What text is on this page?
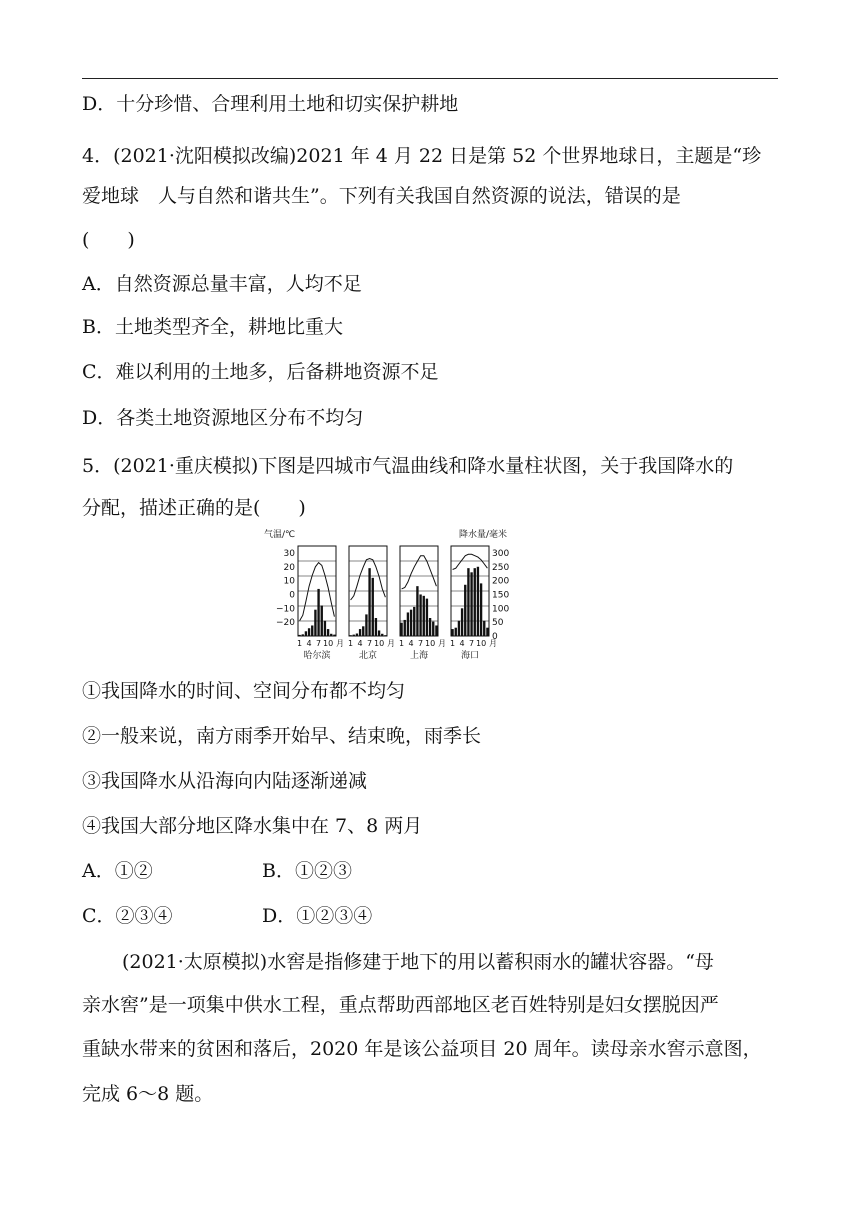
D．十分珍惜、合理利用土地和切实保护耕地
4．(2021·沈阳模拟改编)2021 年 4 月 22 日是第 52 个世界地球日，主题是“珍
爱地球　人与自然和谐共生”。下列有关我国自然资源的说法，错误的是
(　　)
A．自然资源总量丰富，人均不足
B．土地类型齐全，耕地比重大
C．难以利用的土地多，后备耕地资源不足
D．各类土地资源地区分布不均匀
5．(2021·重庆模拟)下图是四城市气温曲线和降水量柱状图，关于我国降水的
分配，描述正确的是(　　)
气温/℃
30
20
10
0
−10
−20
1 4 7 10 月
哈尔滨
1 4 7 10 月
北京
1 4 7 10 月
上海
1 4 7 10 月
海口
降水量/毫米
300
250
200
150
100
50
0
①我国降水的时间、空间分布都不均匀
②一般来说，南方雨季开始早、结束晚，雨季长
③我国降水从沿海向内陆逐渐递减
④我国大部分地区降水集中在 7、8 两月
A．①②	B．①②③
C．②③④	D．①②③④
(2021·太原模拟)水窖是指修建于地下的用以蓄积雨水的罐状容器。“母
亲水窖”是一项集中供水工程，重点帮助西部地区老百姓特别是妇女摆脱因严
重缺水带来的贫困和落后，2020 年是该公益项目 20 周年。读母亲水窖示意图，
完成 6～8 题。
